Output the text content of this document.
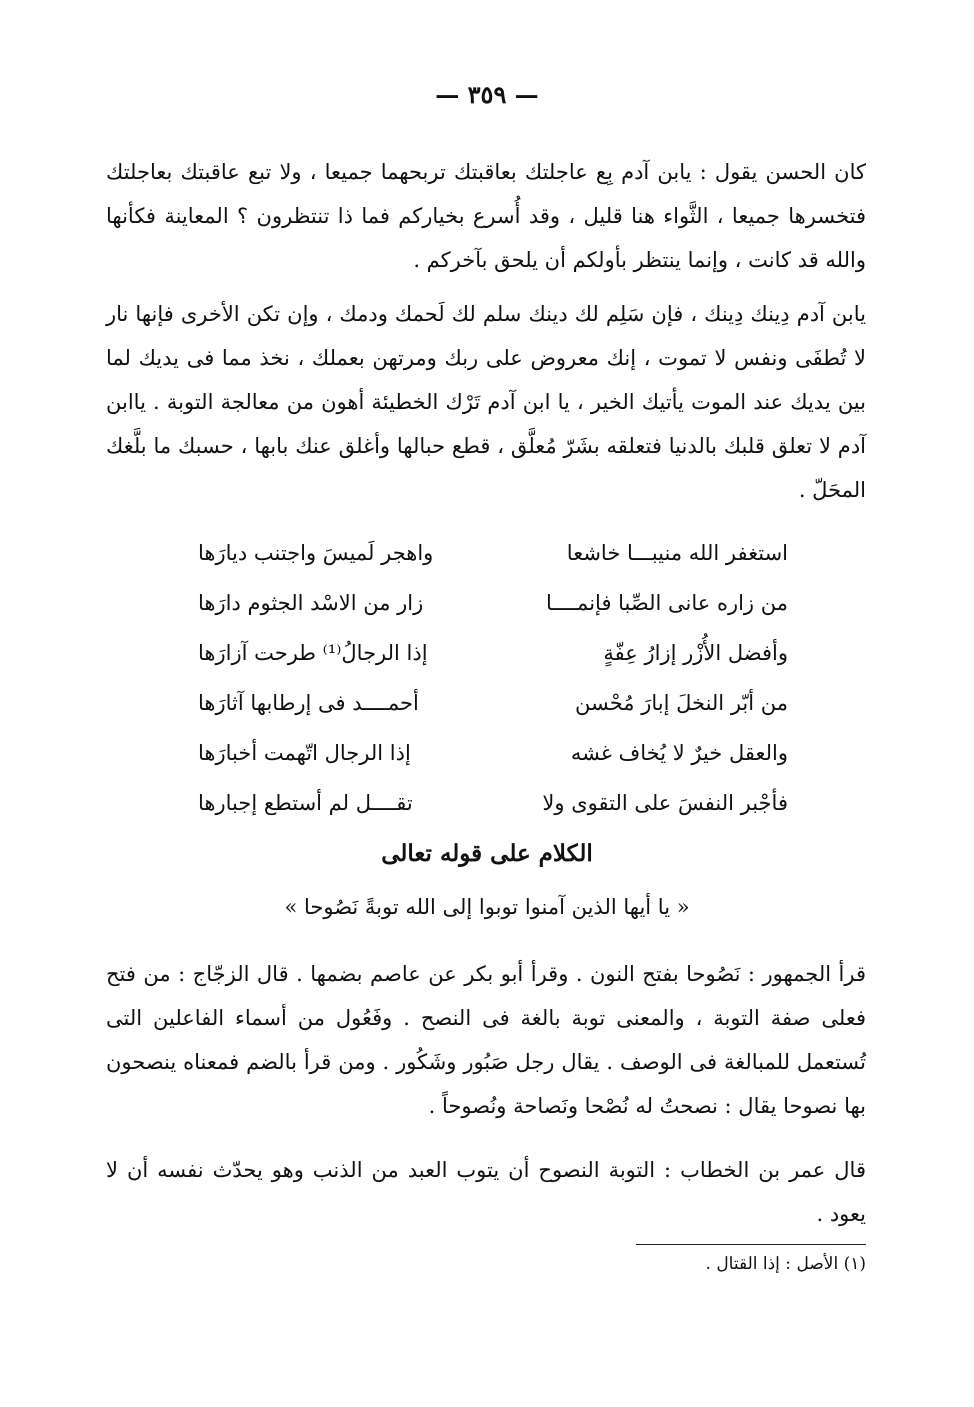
— ٣٥٩ —

كان الحسن يقول : يابن آدم بِع عاجلتك بعاقبتك تربحهما جميعا ، ولا تبع عاقبتك بعاجلتك فتخسرها جميعا ، الثَّواء هنا قليل ، وقد أُسرع بخياركم فما ذا تنتظرون ؟ المعاينة فكأنها والله قد كانت ، وإنما ينتظر بأولكم أن يلحق بآخركم .

يابن آدم دِينك دِينك ، فإن سَلِم لك دينك سلم لك لَحمك ودمك ، وإن تكن الأخرى فإنها نار لا تُطفَى ونفس لا تموت ، إنك معروض على ربك ومرتهن بعملك ، نخذ مما فى يديك لما بين يديك عند الموت يأتيك الخير ، يا ابن آدم تَرْك الخطيئة أهون من معالجة التوبة . ياابن آدم لا تعلق قلبك بالدنيا فتعلقه بشَرّ مُعلَّق ، قطع حبالها وأغلق عنك بابها ، حسبك ما بلَّغك المحَلّ .

استغفر الله منيبـــا خاشعا
واهجر لَميسَ واجتنب ديارَها
من زاره عانى الصِّبا فإنمــــا
زار من الاسْد الجثوم دارَها
وأفضل الأُزْر إزارُ عِفّةٍ
إذا الرجالُ⁽¹⁾ طرحت آزارَها
من أبّر النخلَ إبارَ مُحْسن
أحمــــد فى إرطابها آثارَها
والعقل خيرٌ لا يُخاف غشه
إذا الرجال اتّهمت أخبارَها
فأجْبر النفسَ على التقوى ولا
تقــــل لم أستطع إجبارها
الكلام على قوله تعالى
« يا أيها الذين آمنوا توبوا إلى الله توبةً نَصُوحا »

قرأ الجمهور : نَصُوحا بفتح النون . وقرأ أبو بكر عن عاصم بضمها . قال الزجّاج : من فتح فعلى صفة التوبة ، والمعنى توبة بالغة فى النصح . وفَعُول من أسماء الفاعلين التى تُستعمل للمبالغة فى الوصف . يقال رجل صَبُور وشَكُور . ومن قرأ بالضم فمعناه ينصحون بها نصوحا يقال : نصحتُ له نُصْحا ونَصاحة ونُصوحاً .

قال عمر بن الخطاب : التوبة النصوح أن يتوب العبد من الذنب وهو يحدّث نفسه أن لا يعود .

(١) الأصل : إذا القتال .
